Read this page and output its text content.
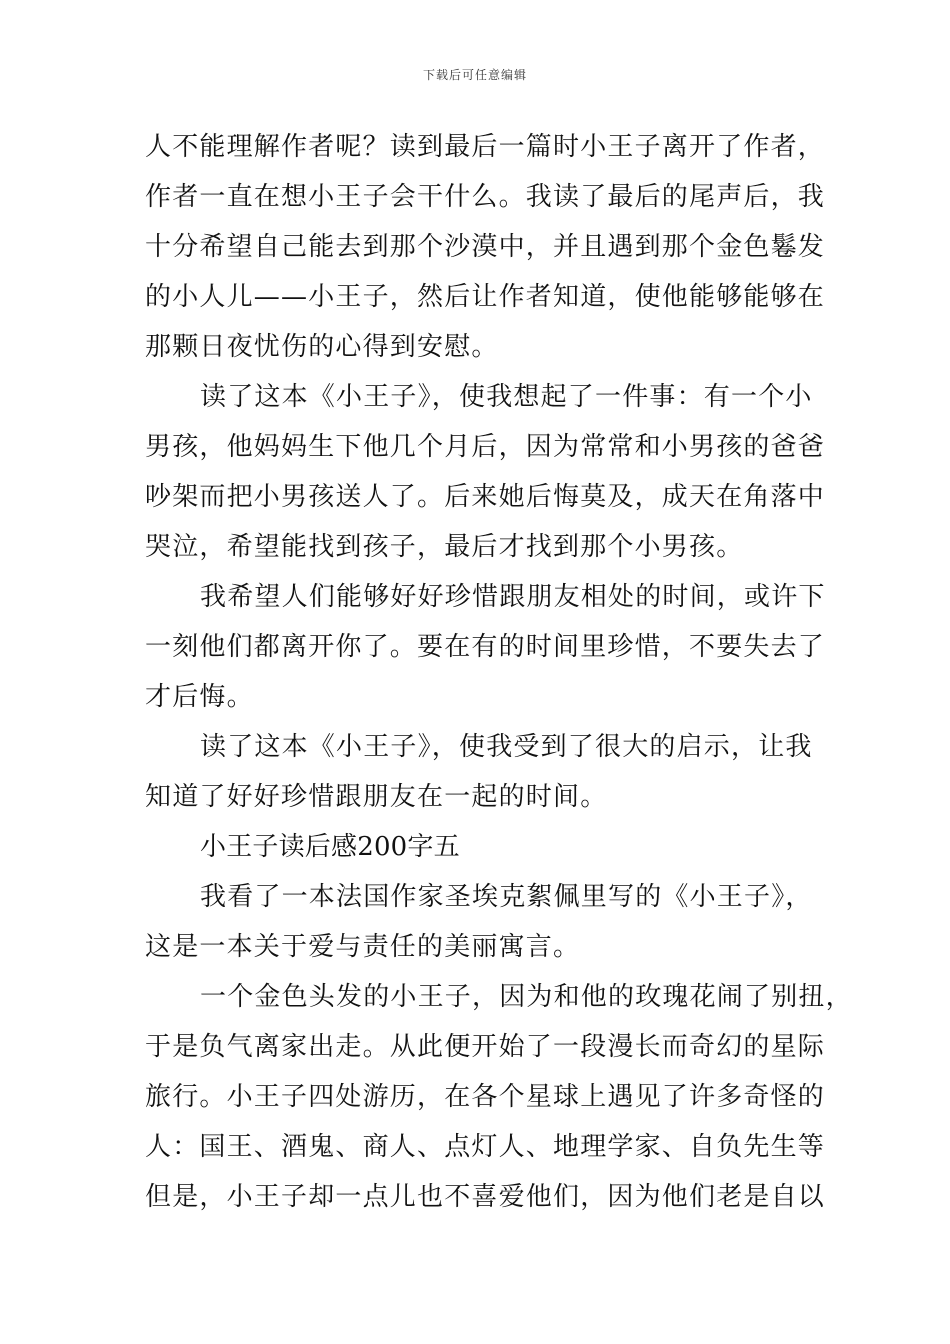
下载后可任意编辑
人不能理解作者呢？读到最后一篇时小王子离开了作者，
作者一直在想小王子会干什么。我读了最后的尾声后，我
十分希望自己能去到那个沙漠中，并且遇到那个金色鬈发
的小人儿——小王子，然后让作者知道，使他能够能够在
那颗日夜忧伤的心得到安慰。
读了这本《小王子》，使我想起了一件事：有一个小
男孩，他妈妈生下他几个月后，因为常常和小男孩的爸爸
吵架而把小男孩送人了。后来她后悔莫及，成天在角落中
哭泣，希望能找到孩子，最后才找到那个小男孩。
我希望人们能够好好珍惜跟朋友相处的时间，或许下
一刻他们都离开你了。要在有的时间里珍惜，不要失去了
才后悔。
读了这本《小王子》，使我受到了很大的启示，让我
知道了好好珍惜跟朋友在一起的时间。
小王子读后感200字五
我看了一本法国作家圣埃克絮佩里写的《小王子》，
这是一本关于爱与责任的美丽寓言。
一个金色头发的小王子，因为和他的玫瑰花闹了别扭，
于是负气离家出走。从此便开始了一段漫长而奇幻的星际
旅行。小王子四处游历，在各个星球上遇见了许多奇怪的
人：国王、酒鬼、商人、点灯人、地理学家、自负先生等
但是，小王子却一点儿也不喜爱他们，因为他们老是自以
